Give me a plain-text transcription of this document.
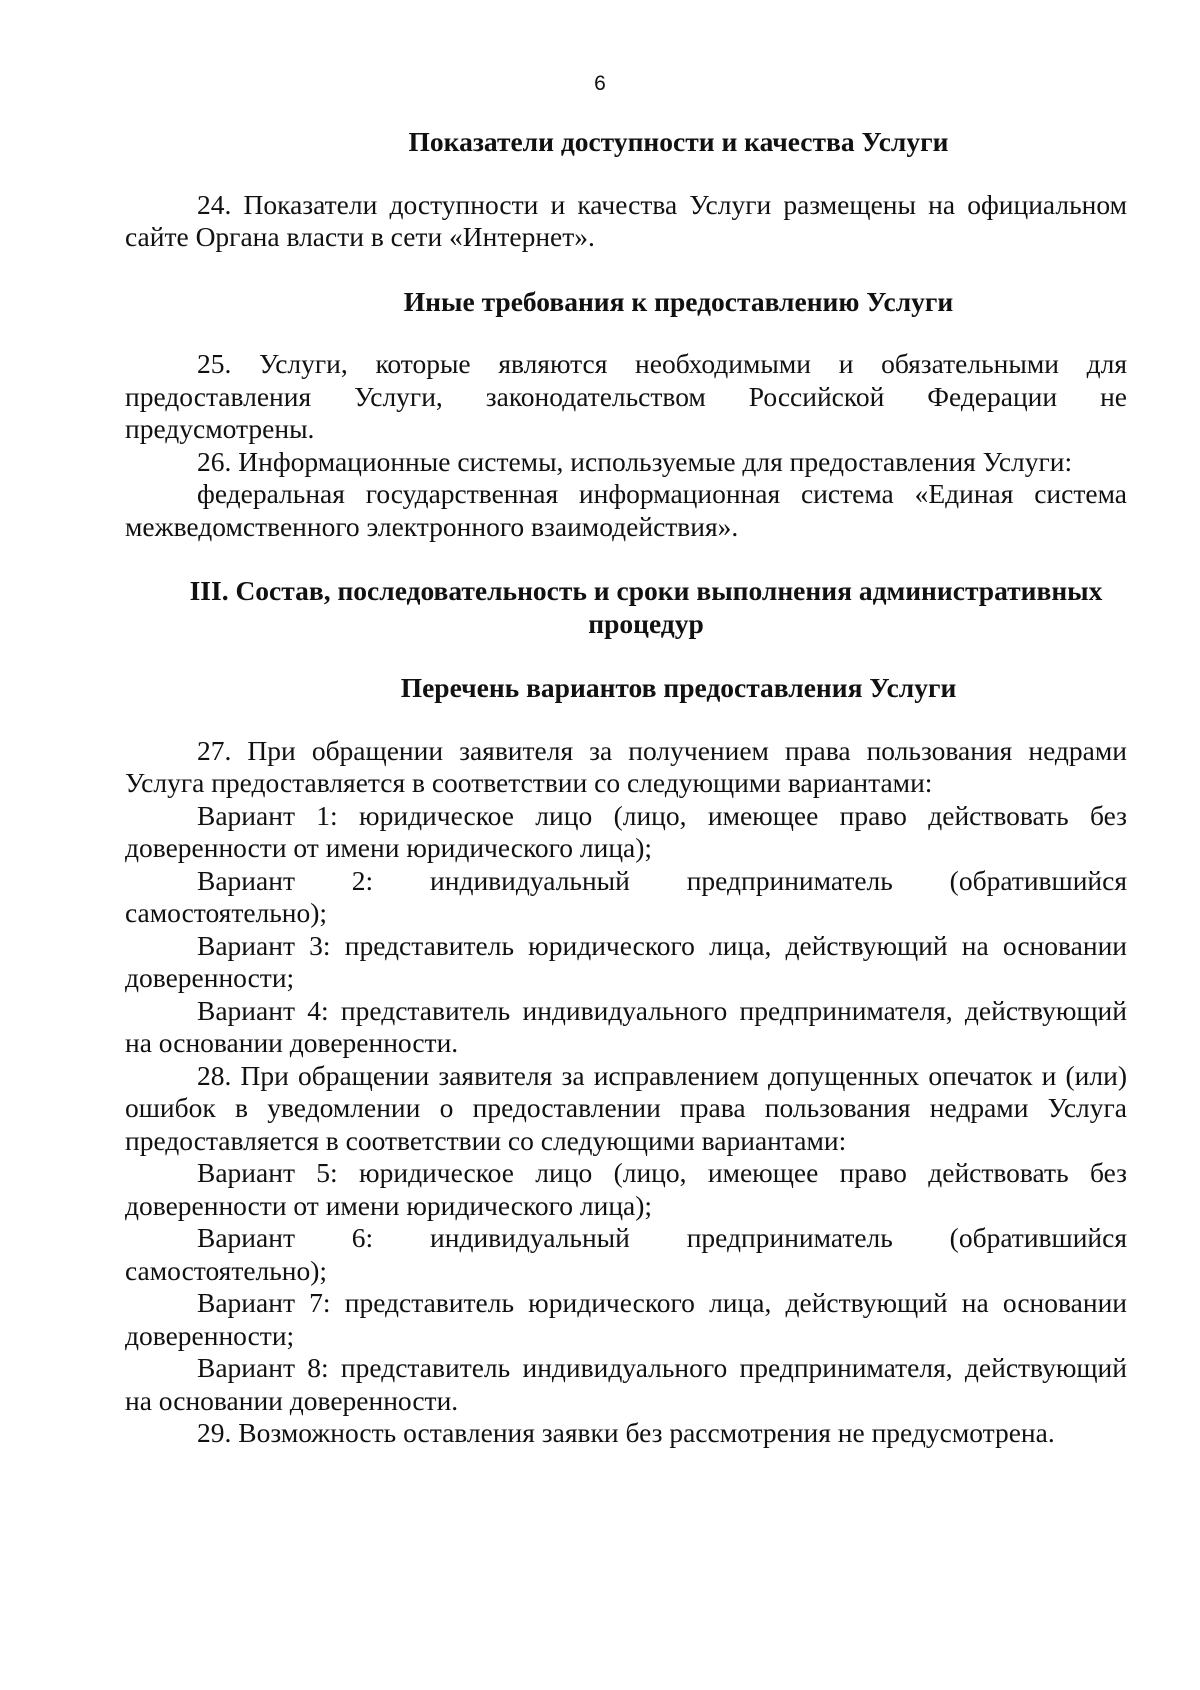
6

Показатели доступности и качества Услуги

24. Показатели доступности и качества Услуги размещены на официальном сайте Органа власти в сети «Интернет».

Иные требования к предоставлению Услуги

25. Услуги, которые являются необходимыми и обязательными для предоставления Услуги, законодательством Российской Федерации не предусмотрены.

26. Информационные системы, используемые для предоставления Услуги:

федеральная государственная информационная система «Единая система межведомственного электронного взаимодействия».

III. Состав, последовательность и сроки выполнения административных
процедур

Перечень вариантов предоставления Услуги

27. При обращении заявителя за получением права пользования недрами Услуга предоставляется в соответствии со следующими вариантами:

Вариант 1: юридическое лицо (лицо, имеющее право действовать без доверенности от имени юридического лица);

Вариант 2: индивидуальный предприниматель (обратившийся самостоятельно);

Вариант 3: представитель юридического лица, действующий на основании доверенности;

Вариант 4: представитель индивидуального предпринимателя, действующий на основании доверенности.

28. При обращении заявителя за исправлением допущенных опечаток и (или) ошибок в уведомлении о предоставлении права пользования недрами Услуга предоставляется в соответствии со следующими вариантами:

Вариант 5: юридическое лицо (лицо, имеющее право действовать без доверенности от имени юридического лица);

Вариант 6: индивидуальный предприниматель (обратившийся самостоятельно);

Вариант 7: представитель юридического лица, действующий на основании доверенности;

Вариант 8: представитель индивидуального предпринимателя, действующий на основании доверенности.

29. Возможность оставления заявки без рассмотрения не предусмотрена.
